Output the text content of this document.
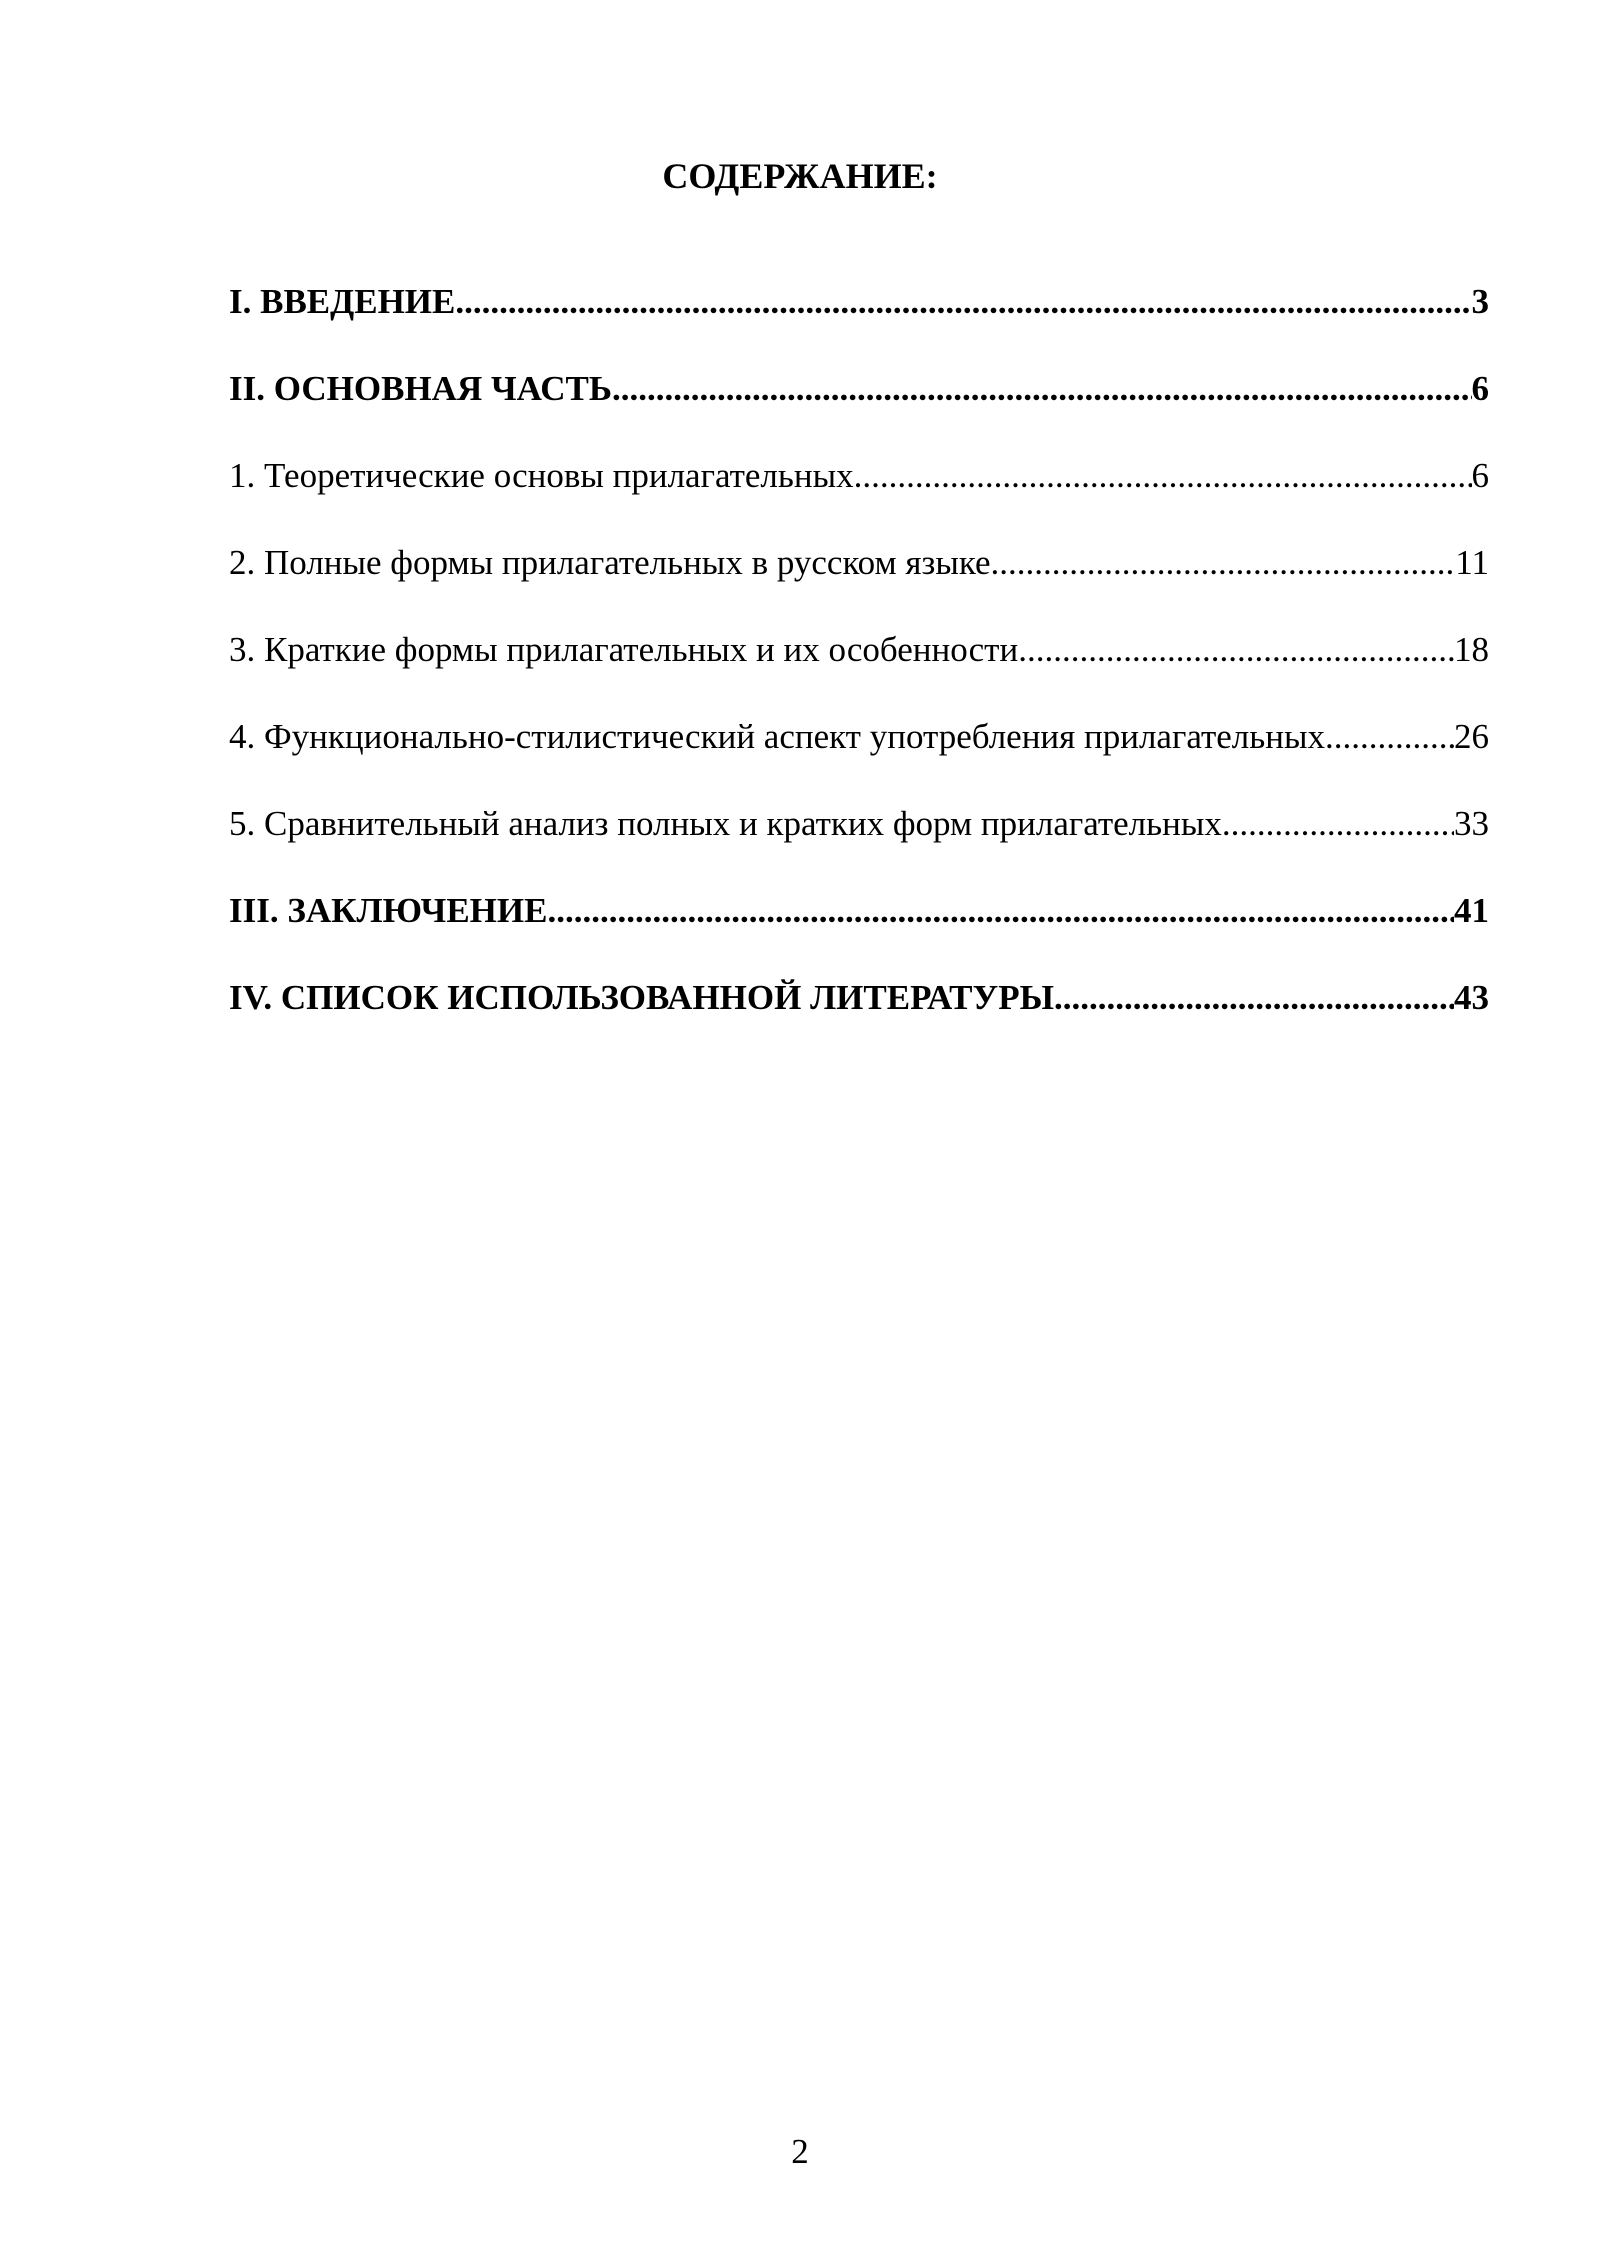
СОДЕРЖАНИЕ:
I. ВВЕДЕНИЕ .....	3
II. ОСНОВНАЯ ЧАСТЬ .....	6
1. Теоретические основы прилагательных .....	6
2. Полные формы прилагательных в русском языке .....	11
3. Краткие формы прилагательных и их особенности .....	18
4. Функционально-стилистический аспект употребления прилагательных .....	26
5. Сравнительный анализ полных и кратких форм прилагательных .....	33
III. ЗАКЛЮЧЕНИЕ .....	41
IV. СПИСОК ИСПОЛЬЗОВАННОЙ ЛИТЕРАТУРЫ .....	43
2
